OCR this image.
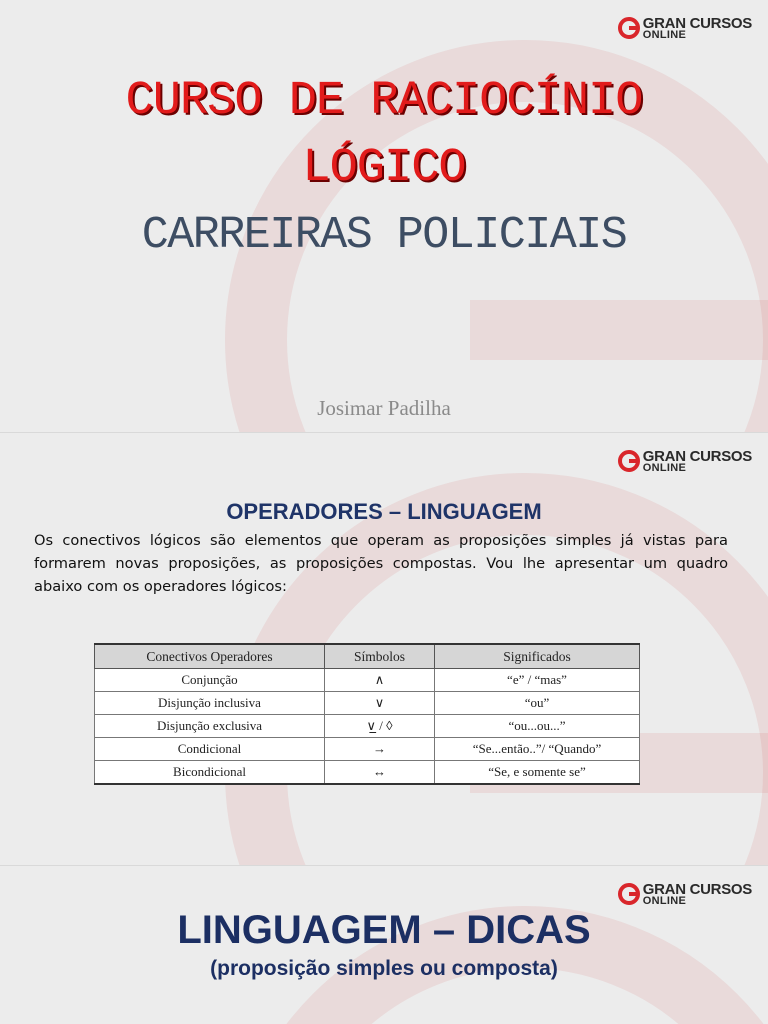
GRAN CURSOS
ONLINE
CURSO DE RACIOCÍNIO
LÓGICO
CARREIRAS POLICIAIS
Josimar Padilha
GRAN CURSOS
ONLINE
OPERADORES – LINGUAGEM
Os conectivos lógicos são elementos que operam as proposições simples já vistas para formarem novas proposições, as proposições compostas. Vou lhe apresentar um quadro abaixo com os operadores lógicos:
Conectivos Operadores	Símbolos	Significados
Conjunção	∧	“e” / “mas”
Disjunção inclusiva	∨	“ou”
Disjunção exclusiva	∨̲ / ◊	“ou...ou...”
Condicional	→	“Se...então..”/ “Quando”
Bicondicional	↔	“Se, e somente se”
GRAN CURSOS
ONLINE
LINGUAGEM – DICAS
(proposição simples ou composta)
